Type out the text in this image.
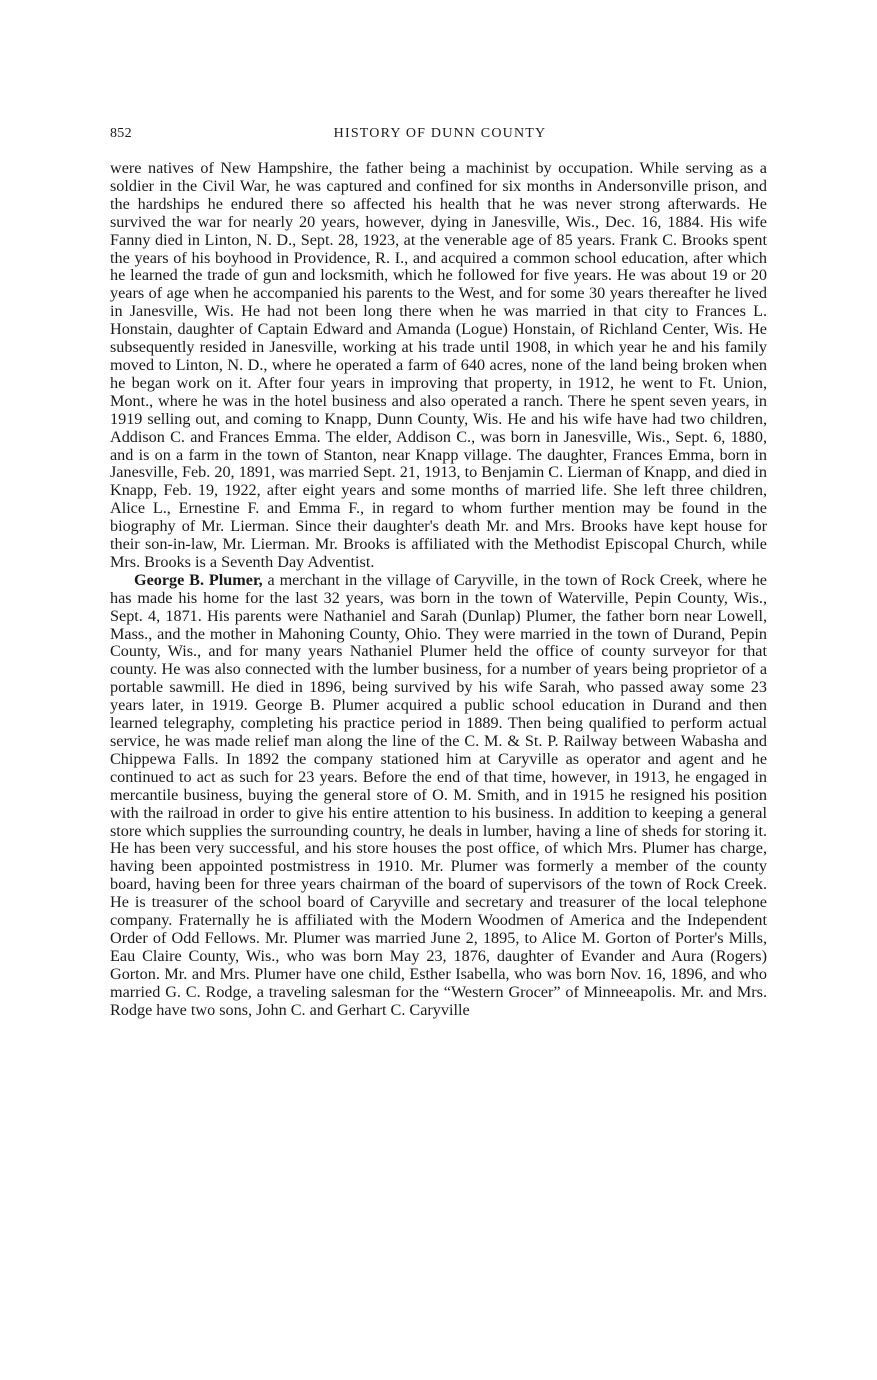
852	HISTORY OF DUNN COUNTY

were natives of New Hampshire, the father being a machinist by occupation. While serving as a soldier in the Civil War, he was captured and confined for six months in Andersonville prison, and the hardships he endured there so affected his health that he was never strong afterwards. He survived the war for nearly 20 years, however, dying in Janesville, Wis., Dec. 16, 1884. His wife Fanny died in Linton, N. D., Sept. 28, 1923, at the venerable age of 85 years. Frank C. Brooks spent the years of his boyhood in Providence, R. I., and acquired a common school education, after which he learned the trade of gun and locksmith, which he followed for five years. He was about 19 or 20 years of age when he accompanied his parents to the West, and for some 30 years thereafter he lived in Janesville, Wis. He had not been long there when he was married in that city to Frances L. Honstain, daughter of Captain Edward and Amanda (Logue) Honstain, of Richland Center, Wis. He subsequently resided in Janesville, working at his trade until 1908, in which year he and his family moved to Linton, N. D., where he operated a farm of 640 acres, none of the land being broken when he began work on it. After four years in improving that property, in 1912, he went to Ft. Union, Mont., where he was in the hotel business and also operated a ranch. There he spent seven years, in 1919 selling out, and coming to Knapp, Dunn County, Wis. He and his wife have had two children, Addison C. and Frances Emma. The elder, Addison C., was born in Janesville, Wis., Sept. 6, 1880, and is on a farm in the town of Stanton, near Knapp village. The daughter, Frances Emma, born in Janesville, Feb. 20, 1891, was married Sept. 21, 1913, to Benjamin C. Lierman of Knapp, and died in Knapp, Feb. 19, 1922, after eight years and some months of married life. She left three children, Alice L., Ernestine F. and Emma F., in regard to whom further mention may be found in the biography of Mr. Lierman. Since their daughter's death Mr. and Mrs. Brooks have kept house for their son-in-law, Mr. Lierman. Mr. Brooks is affiliated with the Methodist Episcopal Church, while Mrs. Brooks is a Seventh Day Adventist.

George B. Plumer, a merchant in the village of Caryville, in the town of Rock Creek, where he has made his home for the last 32 years, was born in the town of Waterville, Pepin County, Wis., Sept. 4, 1871. His parents were Nathaniel and Sarah (Dunlap) Plumer, the father born near Lowell, Mass., and the mother in Mahoning County, Ohio. They were married in the town of Durand, Pepin County, Wis., and for many years Nathaniel Plumer held the office of county surveyor for that county. He was also connected with the lumber business, for a number of years being proprietor of a portable sawmill. He died in 1896, being survived by his wife Sarah, who passed away some 23 years later, in 1919. George B. Plumer acquired a public school education in Durand and then learned telegraphy, completing his practice period in 1889. Then being qualified to perform actual service, he was made relief man along the line of the C. M. & St. P. Railway between Wabasha and Chippewa Falls. In 1892 the company stationed him at Caryville as operator and agent and he continued to act as such for 23 years. Before the end of that time, however, in 1913, he engaged in mercantile business, buying the general store of O. M. Smith, and in 1915 he resigned his position with the railroad in order to give his entire attention to his business. In addition to keeping a general store which supplies the surrounding country, he deals in lumber, having a line of sheds for storing it. He has been very successful, and his store houses the post office, of which Mrs. Plumer has charge, having been appointed postmistress in 1910. Mr. Plumer was formerly a member of the county board, having been for three years chairman of the board of supervisors of the town of Rock Creek. He is treasurer of the school board of Caryville and secretary and treasurer of the local telephone company. Fraternally he is affiliated with the Modern Woodmen of America and the Independent Order of Odd Fellows. Mr. Plumer was married June 2, 1895, to Alice M. Gorton of Porter's Mills, Eau Claire County, Wis., who was born May 23, 1876, daughter of Evander and Aura (Rogers) Gorton. Mr. and Mrs. Plumer have one child, Esther Isabella, who was born Nov. 16, 1896, and who married G. C. Rodge, a traveling salesman for the “Western Grocer” of Minneeapolis. Mr. and Mrs. Rodge have two sons, John C. and Gerhart C. Caryville
